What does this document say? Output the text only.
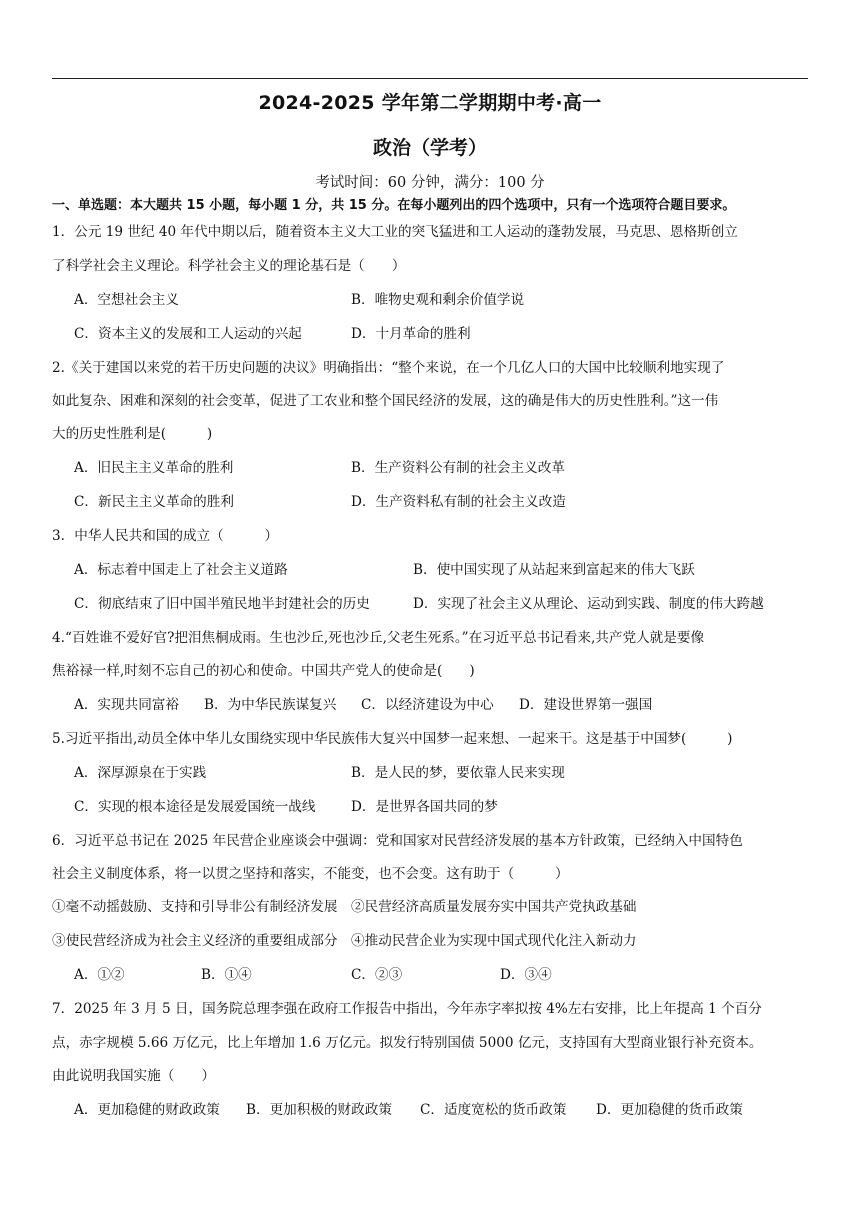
2024-2025 学年第二学期期中考·高一
政治（学考）
考试时间：60 分钟，满分：100 分
一、单选题：本大题共 15 小题，每小题 1 分，共 15 分。在每小题列出的四个选项中，只有一个选项符合题目要求。
1．公元 19 世纪 40 年代中期以后，随着资本主义大工业的突飞猛进和工人运动的蓬勃发展，马克思、恩格斯创立
了科学社会主义理论。科学社会主义的理论基石是（　　）
A．空想社会主义	B．唯物史观和剩余价值学说
C．资本主义的发展和工人运动的兴起	D．十月革命的胜利
2.《关于建国以来党的若干历史问题的决议》明确指出：“整个来说，在一个几亿人口的大国中比较顺利地实现了
如此复杂、困难和深刻的社会变革，促进了工农业和整个国民经济的发展，这的确是伟大的历史性胜利。”这一伟
大的历史性胜利是(　　　)
A．旧民主主义革命的胜利	B．生产资料公有制的社会主义改革
C．新民主主义革命的胜利	D．生产资料私有制的社会主义改造
3．中华人民共和国的成立（　　　）
A．标志着中国走上了社会主义道路	B．使中国实现了从站起来到富起来的伟大飞跃
C．彻底结束了旧中国半殖民地半封建社会的历史	D．实现了社会主义从理论、运动到实践、制度的伟大跨越
4.“百姓谁不爱好官?把泪焦桐成雨。生也沙丘,死也沙丘,父老生死系。”在习近平总书记看来,共产党人就是要像
焦裕禄一样,时刻不忘自己的初心和使命。中国共产党人的使命是(　　)
A．实现共同富裕 B．为中华民族谋复兴 C．以经济建设为中心 D．建设世界第一强国
5.习近平指出,动员全体中华儿女围绕实现中华民族伟大复兴中国梦一起来想、一起来干。这是基于中国梦(　　　)
A．深厚源泉在于实践	B．是人民的梦，要依靠人民来实现
C．实现的根本途径是发展爱国统一战线	D．是世界各国共同的梦
6．习近平总书记在 2025 年民营企业座谈会中强调：党和国家对民营经济发展的基本方针政策，已经纳入中国特色
社会主义制度体系，将一以贯之坚持和落实，不能变，也不会变。这有助于（　　　）
①毫不动摇鼓励、支持和引导非公有制经济发展　②民营经济高质量发展夯实中国共产党执政基础
③使民营经济成为社会主义经济的重要组成部分　④推动民营企业为实现中国式现代化注入新动力
A．①②	B．①④	C．②③	D．③④
7．2025 年 3 月 5 日，国务院总理李强在政府工作报告中指出，今年赤字率拟按 4%左右安排，比上年提高 1 个百分
点，赤字规模 5.66 万亿元，比上年增加 1.6 万亿元。拟发行特别国债 5000 亿元，支持国有大型商业银行补充资本。
由此说明我国实施（　　）
A．更加稳健的财政政策 B．更加积极的财政政策 C．适度宽松的货币政策 D．更加稳健的货币政策
